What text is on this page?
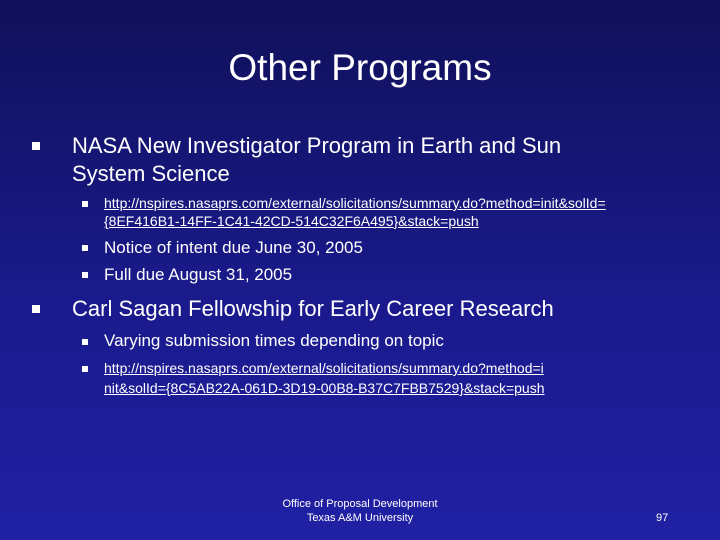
Other Programs
NASA New Investigator Program in Earth and Sun
System Science
http://nspires.nasaprs.com/external/solicitations/summary.do?method=init&solId=
{8EF416B1-14FF-1C41-42CD-514C32F6A495}&stack=push
Notice of intent due June 30, 2005
Full due August 31, 2005
Carl Sagan Fellowship for Early Career Research
Varying submission times depending on topic
http://nspires.nasaprs.com/external/solicitations/summary.do?method=i
nit&solId={8C5AB22A-061D-3D19-00B8-B37C7FBB7529}&stack=push
Office of Proposal Development
Texas A&M University	97
